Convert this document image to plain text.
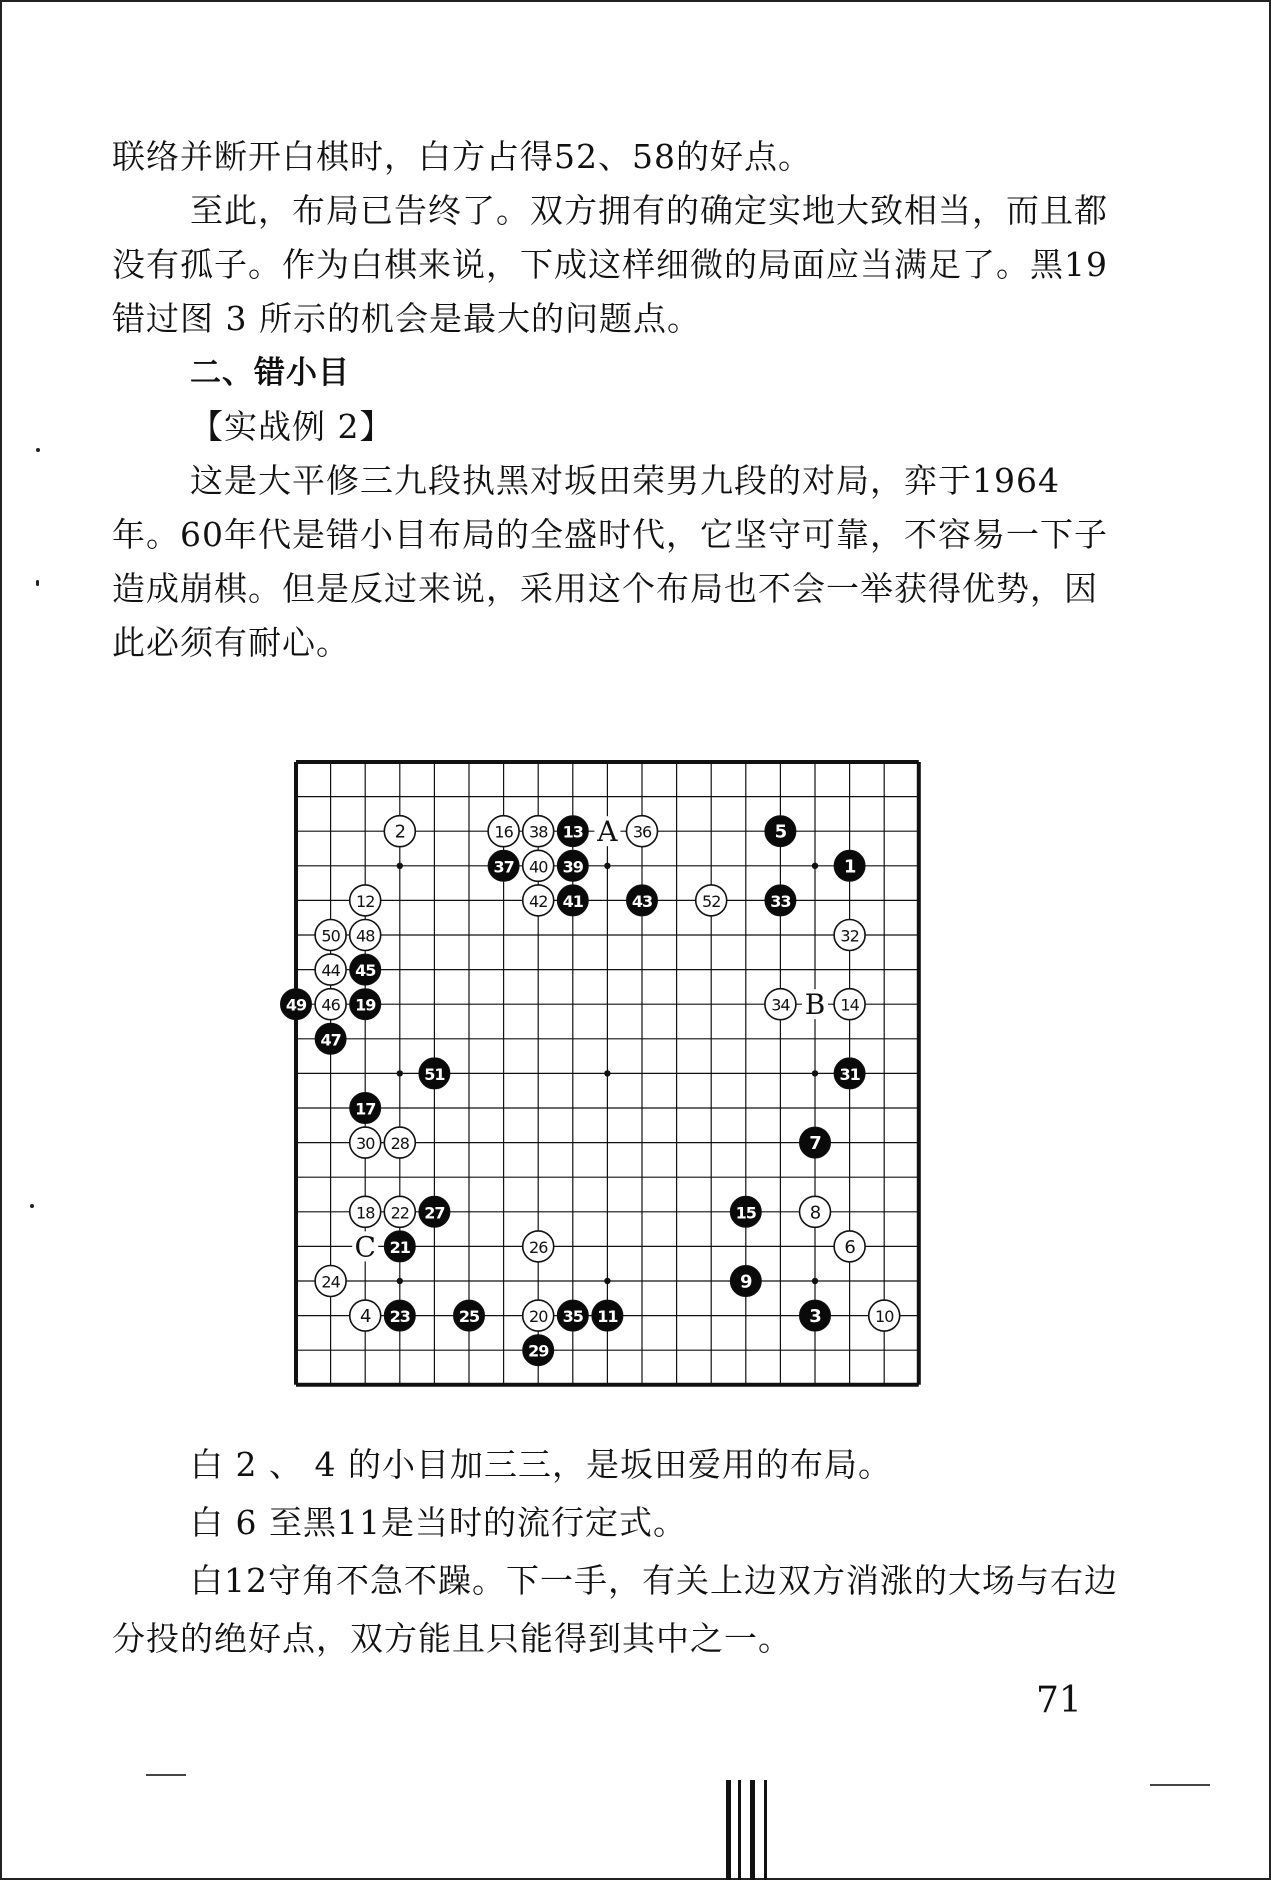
联络并断开白棋时，白方占得52、58的好点。

至此，布局已告终了。双方拥有的确定实地大致相当，而且都没有孤子。作为白棋来说，下成这样细微的局面应当满足了。黑19错过图 3 所示的机会是最大的问题点。

二、错小目

【实战例 2】

这是大平修三九段执黑对坂田荣男九段的对局，弈于1964年。60年代是错小目布局的全盛时代，它坚守可靠，不容易一下子造成崩棋。但是反过来说，采用这个布局也不会一举获得优势，因此必须有耐心。

1
2
3
4
5
6
7
8
9
10
11
12
13
14
15
16
17
18
19
20
21
22
23
24
25
26
27
28
29
30
31
32
33
34
35
36
37
38
39
40
41
42	43
44 45
46
47
48
49
50
51
52
A
B
C

白 2 、 4 的小目加三三，是坂田爱用的布局。

白 6 至黑11是当时的流行定式。

白12守角不急不躁。下一手，有关上边双方消涨的大场与右边分投的绝好点，双方能且只能得到其中之一。

71
